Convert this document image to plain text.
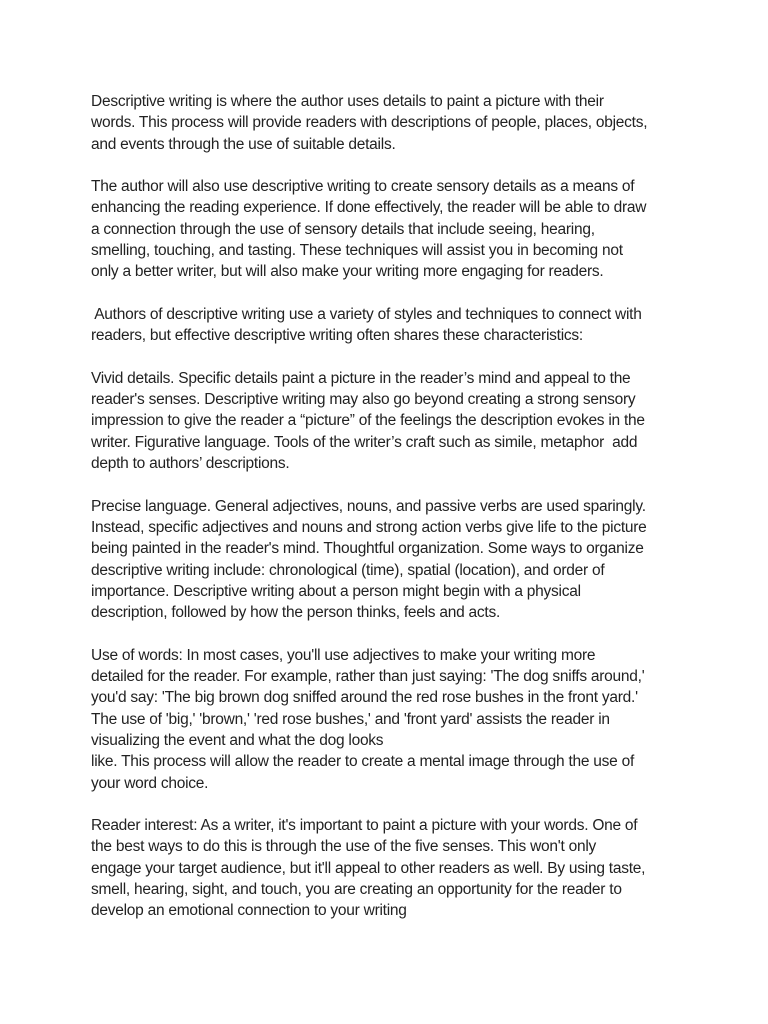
Descriptive writing is where the author uses details to paint a picture with their
words. This process will provide readers with descriptions of people, places, objects,
and events through the use of suitable details.

The author will also use descriptive writing to create sensory details as a means of
enhancing the reading experience. If done effectively, the reader will be able to draw
a connection through the use of sensory details that include seeing, hearing,
smelling, touching, and tasting. These techniques will assist you in becoming not
only a better writer, but will also make your writing more engaging for readers.

Authors of descriptive writing use a variety of styles and techniques to connect with
readers, but effective descriptive writing often shares these characteristics:

Vivid details. Specific details paint a picture in the reader’s mind and appeal to the
reader's senses. Descriptive writing may also go beyond creating a strong sensory
impression to give the reader a “picture” of the feelings the description evokes in the
writer. Figurative language. Tools of the writer’s craft such as simile, metaphor  add
depth to authors’ descriptions.

Precise language. General adjectives, nouns, and passive verbs are used sparingly.
Instead, specific adjectives and nouns and strong action verbs give life to the picture
being painted in the reader's mind. Thoughtful organization. Some ways to organize
descriptive writing include: chronological (time), spatial (location), and order of
importance. Descriptive writing about a person might begin with a physical
description, followed by how the person thinks, feels and acts.

Use of words: In most cases, you'll use adjectives to make your writing more
detailed for the reader. For example, rather than just saying: 'The dog sniffs around,'
you'd say: 'The big brown dog sniffed around the red rose bushes in the front yard.'
The use of 'big,' 'brown,' 'red rose bushes,' and 'front yard' assists the reader in
visualizing the event and what the dog looks
like. This process will allow the reader to create a mental image through the use of
your word choice.

Reader interest: As a writer, it's important to paint a picture with your words. One of
the best ways to do this is through the use of the five senses. This won't only
engage your target audience, but it'll appeal to other readers as well. By using taste,
smell, hearing, sight, and touch, you are creating an opportunity for the reader to
develop an emotional connection to your writing
